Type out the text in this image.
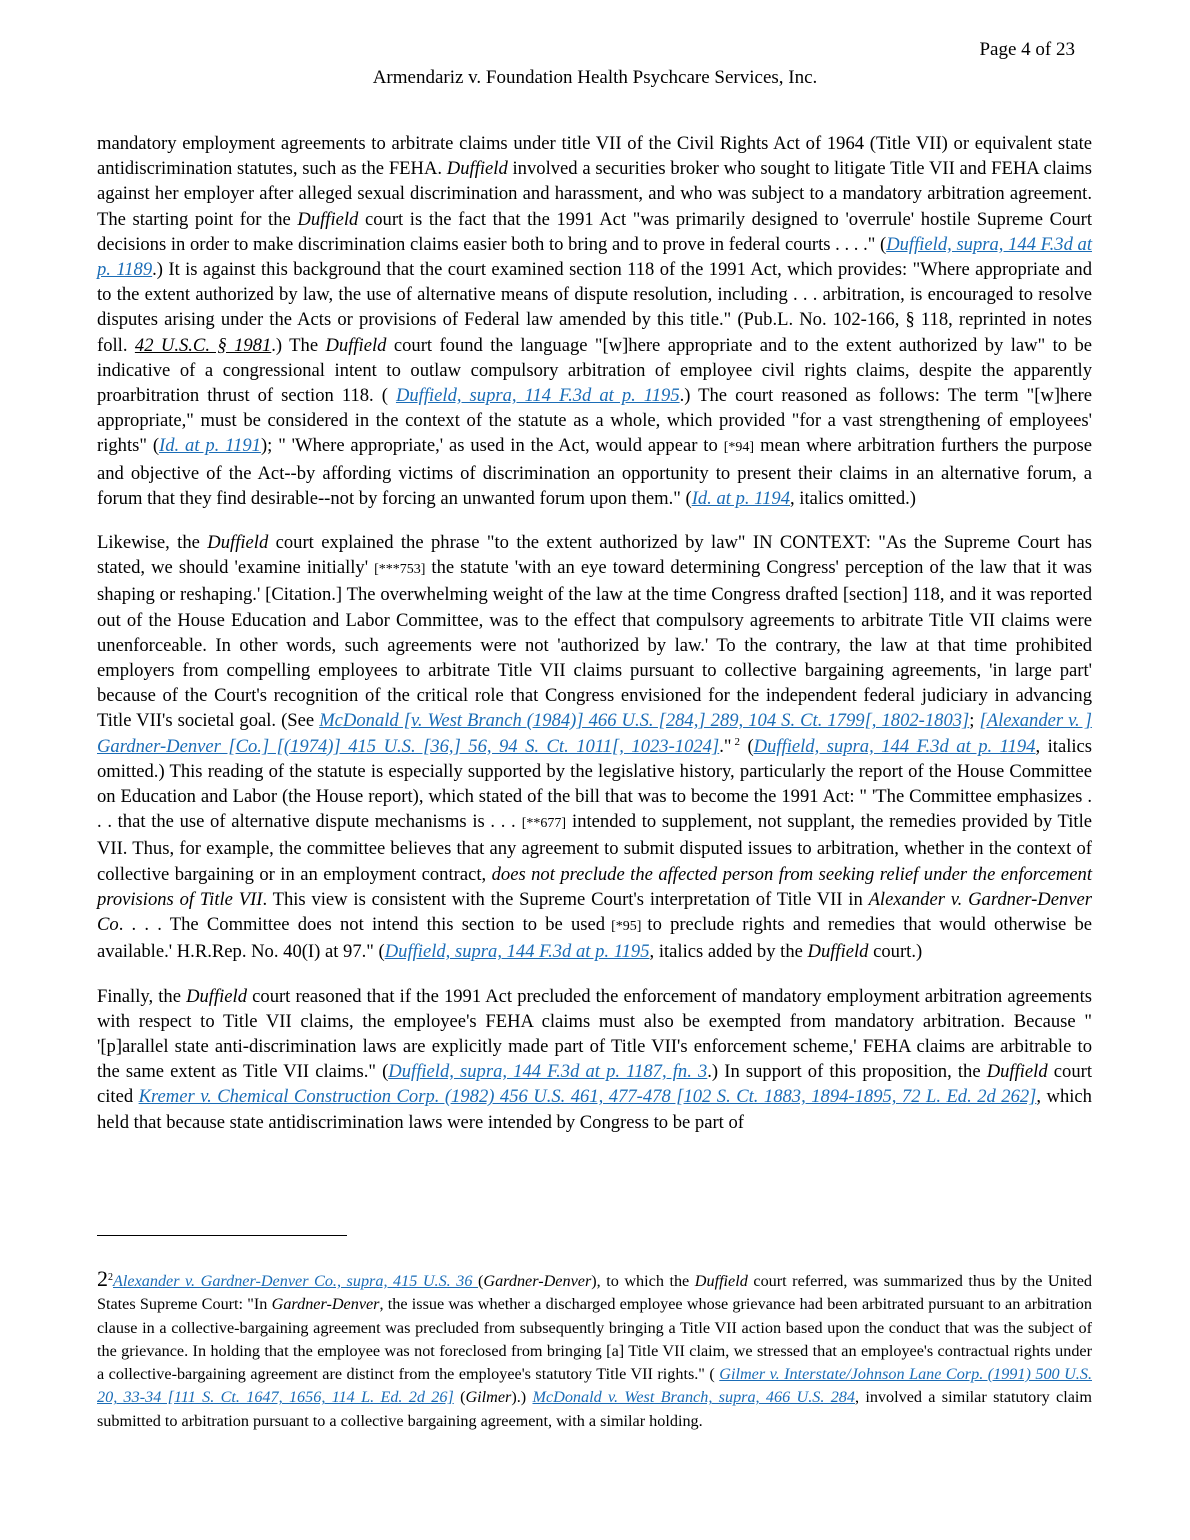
Page 4 of 23
Armendariz v. Foundation Health Psychcare Services, Inc.

mandatory employment agreements to arbitrate claims under title VII of the Civil Rights Act of 1964 (Title VII) or equivalent state antidiscrimination statutes, such as the FEHA. Duffield involved a securities broker who sought to litigate Title VII and FEHA claims against her employer after alleged sexual discrimination and harassment, and who was subject to a mandatory arbitration agreement. The starting point for the Duffield court is the fact that the 1991 Act "was primarily designed to 'overrule' hostile Supreme Court decisions in order to make discrimination claims easier both to bring and to prove in federal courts . . . ." (Duffield, supra, 144 F.3d at p. 1189.) It is against this background that the court examined section 118 of the 1991 Act, which provides: "Where appropriate and to the extent authorized by law, the use of alternative means of dispute resolution, including . . . arbitration, is encouraged to resolve disputes arising under the Acts or provisions of Federal law amended by this title." (Pub.L. No. 102-166, § 118, reprinted in notes foll. 42 U.S.C. § 1981.) The Duffield court found the language "[w]here appropriate and to the extent authorized by law" to be indicative of a congressional intent to outlaw compulsory arbitration of employee civil rights claims, despite the apparently proarbitration thrust of section 118. ( Duffield, supra, 114 F.3d at p. 1195.) The court reasoned as follows: The term "[w]here appropriate," must be considered in the context of the statute as a whole, which provided "for a vast strengthening of employees' rights" (Id. at p. 1191); " 'Where appropriate,' as used in the Act, would appear to [*94] mean where arbitration furthers the purpose and objective of the Act--by affording victims of discrimination an opportunity to present their claims in an alternative forum, a forum that they find desirable--not by forcing an unwanted forum upon them." (Id. at p. 1194, italics omitted.)

Likewise, the Duffield court explained the phrase "to the extent authorized by law" IN CONTEXT: "As the Supreme Court has stated, we should 'examine initially' [***753] the statute 'with an eye toward determining Congress' perception of the law that it was shaping or reshaping.' [Citation.] The overwhelming weight of the law at the time Congress drafted [section] 118, and it was reported out of the House Education and Labor Committee, was to the effect that compulsory agreements to arbitrate Title VII claims were unenforceable. In other words, such agreements were not 'authorized by law.' To the contrary, the law at that time prohibited employers from compelling employees to arbitrate Title VII claims pursuant to collective bargaining agreements, 'in large part' because of the Court's recognition of the critical role that Congress envisioned for the independent federal judiciary in advancing Title VII's societal goal. (See McDonald [v. West Branch (1984)] 466 U.S. [284,] 289, 104 S. Ct. 1799[, 1802-1803]; [Alexander v. ] Gardner-Denver [Co.] [(1974)] 415 U.S. [36,] 56, 94 S. Ct. 1011[, 1023-1024]." $^2$ (Duffield, supra, 144 F.3d at p. 1194, italics omitted.) This reading of the statute is especially supported by the legislative history, particularly the report of the House Committee on Education and Labor (the House report), which stated of the bill that was to become the 1991 Act: " 'The Committee emphasizes . . . that the use of alternative dispute mechanisms is . . . [**677] intended to supplement, not supplant, the remedies provided by Title VII. Thus, for example, the committee believes that any agreement to submit disputed issues to arbitration, whether in the context of collective bargaining or in an employment contract, does not preclude the affected person from seeking relief under the enforcement provisions of Title VII. This view is consistent with the Supreme Court's interpretation of Title VII in Alexander v. Gardner-Denver Co. . . . The Committee does not intend this section to be used [*95] to preclude rights and remedies that would otherwise be available.' H.R.Rep. No. 40(I) at 97." (Duffield, supra, 144 F.3d at p. 1195, italics added by the Duffield court.)

Finally, the Duffield court reasoned that if the 1991 Act precluded the enforcement of mandatory employment arbitration agreements with respect to Title VII claims, the employee's FEHA claims must also be exempted from mandatory arbitration. Because " '[p]arallel state anti-discrimination laws are explicitly made part of Title VII's enforcement scheme,' FEHA claims are arbitrable to the same extent as Title VII claims." (Duffield, supra, 144 F.3d at p. 1187, fn. 3.) In support of this proposition, the Duffield court cited Kremer v. Chemical Construction Corp. (1982) 456 U.S. 461, 477-478 [102 S. Ct. 1883, 1894-1895, 72 L. Ed. 2d 262], which held that because state antidiscrimination laws were intended by Congress to be part of

2$^2$Alexander v. Gardner-Denver Co., supra, 415 U.S. 36 (Gardner-Denver), to which the Duffield court referred, was summarized thus by the United States Supreme Court: "In Gardner-Denver, the issue was whether a discharged employee whose grievance had been arbitrated pursuant to an arbitration clause in a collective-bargaining agreement was precluded from subsequently bringing a Title VII action based upon the conduct that was the subject of the grievance. In holding that the employee was not foreclosed from bringing [a] Title VII claim, we stressed that an employee's contractual rights under a collective-bargaining agreement are distinct from the employee's statutory Title VII rights." ( Gilmer v. Interstate/Johnson Lane Corp. (1991) 500 U.S. 20, 33-34 [111 S. Ct. 1647, 1656, 114 L. Ed. 2d 26] (Gilmer).) McDonald v. West Branch, supra, 466 U.S. 284, involved a similar statutory claim submitted to arbitration pursuant to a collective bargaining agreement, with a similar holding.
